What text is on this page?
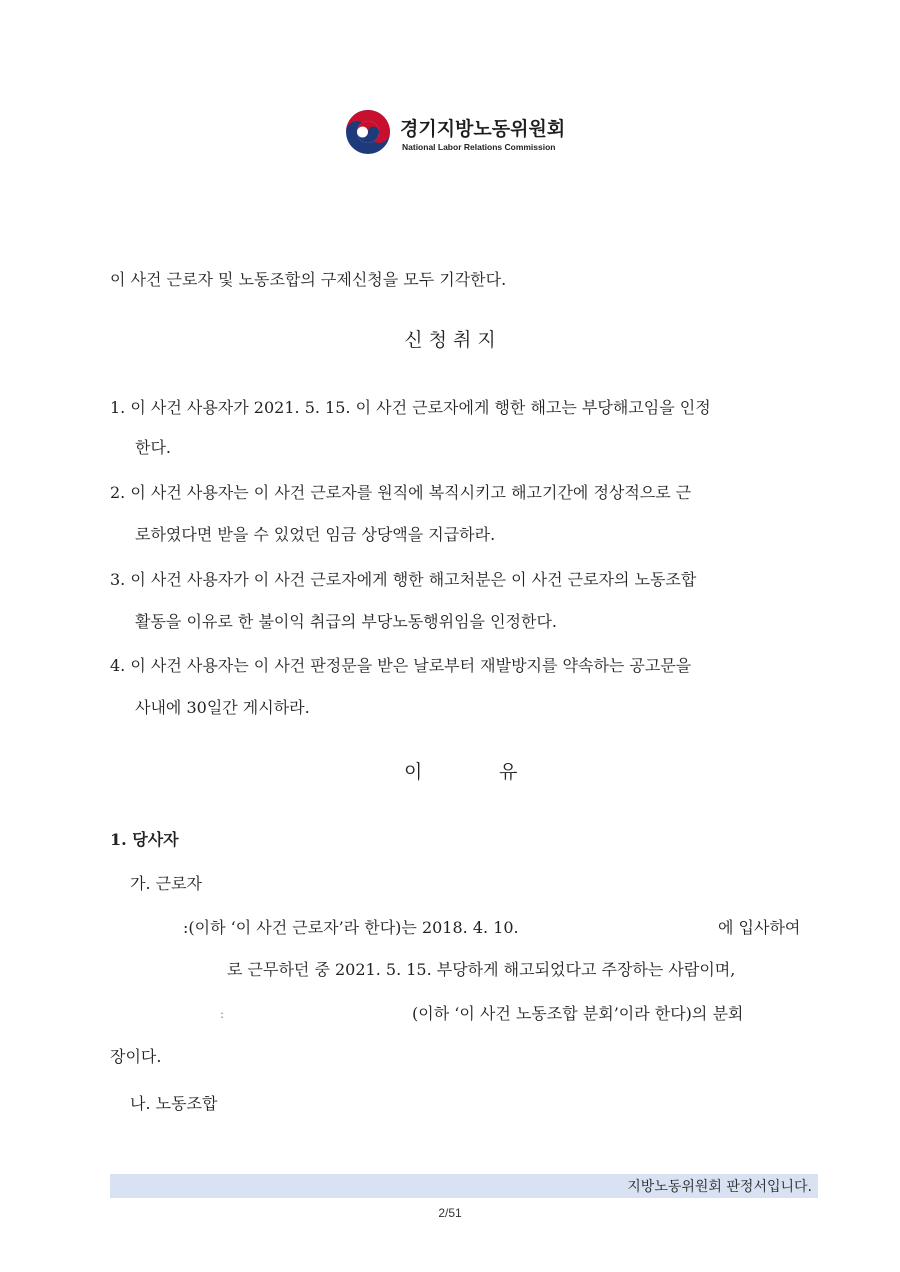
경기지방노동위원회
National Labor Relations Commission
이 사건 근로자 및 노동조합의 구제신청을 모두 기각한다.
신 청 취 지
1. 이 사건 사용자가 2021. 5. 15. 이 사건 근로자에게 행한 해고는 부당해고임을 인정
한다.
2. 이 사건 사용자는 이 사건 근로자를 원직에 복직시키고 해고기간에 정상적으로 근
로하였다면 받을 수 있었던 임금 상당액을 지급하라.
3. 이 사건 사용자가 이 사건 근로자에게 행한 해고처분은 이 사건 근로자의 노동조합
활동을 이유로 한 불이익 취급의 부당노동행위임을 인정한다.
4. 이 사건 사용자는 이 사건 판정문을 받은 날로부터 재발방지를 약속하는 공고문을
사내에 30일간 게시하라.
이	유
1. 당사자
가. 근로자
:(이하 ‘이 사건 근로자’라 한다)는 2018. 4. 10.	에 입사하여
로 근무하던 중 2021. 5. 15. 부당하게 해고되었다고 주장하는 사람이며,
:	(이하 ‘이 사건 노동조합 분회’이라 한다)의 분회
장이다.
나. 노동조합
지방노동위원회 판정서입니다.
2/51
